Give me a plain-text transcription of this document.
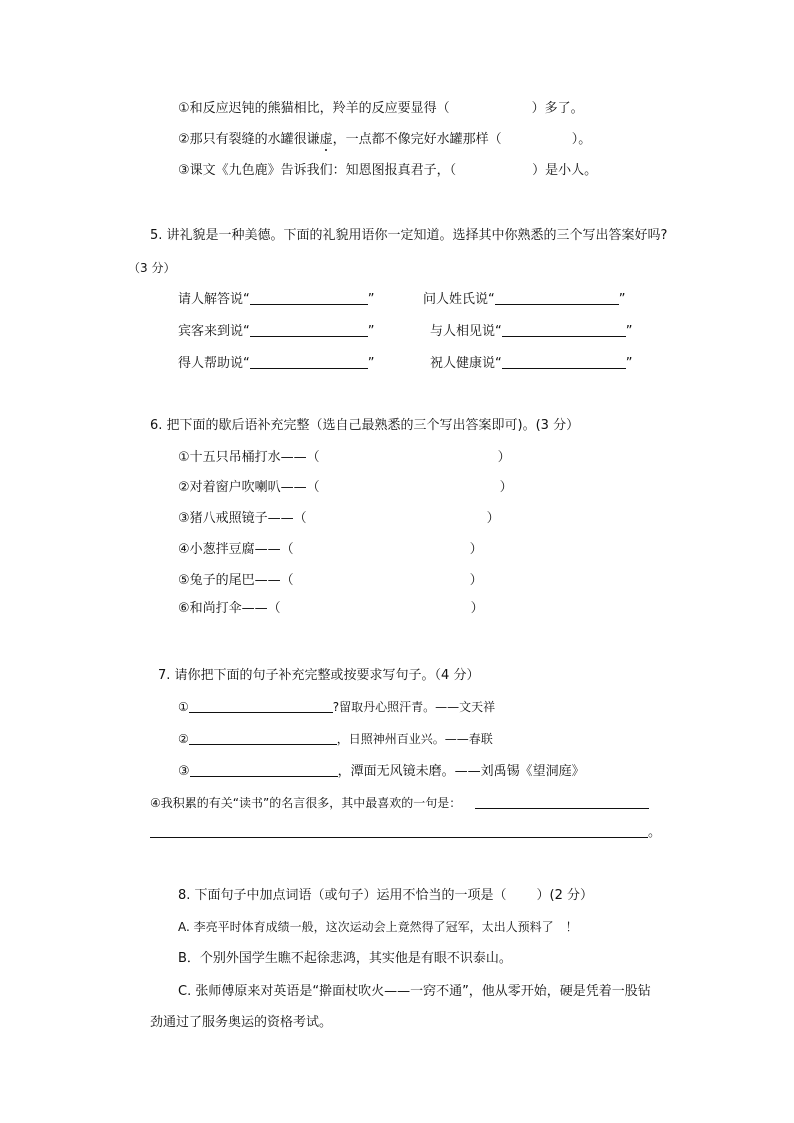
①和反应迟钝的熊猫相比，羚羊的反应要显得（	）多了。
②那只有裂缝的水罐很谦虚，一点都不像完好水罐那样（	）。
③课文《九色鹿》告诉我们：知恩图报真君子，（	）是小人。
5. 讲礼貌是一种美德。下面的礼貌用语你一定知道。选择其中你熟悉的三个写出答案好吗?
（3 分）
请人解答说“	”	问人姓氏说“	”
宾客来到说“	”	与人相见说“	”
得人帮助说“	”	祝人健康说“	”
6. 把下面的歇后语补充完整（选自己最熟悉的三个写出答案即可)。(3 分）
①十五只吊桶打水——（	）
②对着窗户吹喇叭——（	）
③猪八戒照镜子——（	）
④小葱拌豆腐——（	）
⑤兔子的尾巴——（	）
⑥和尚打伞——（	）
7. 请你把下面的句子补充完整或按要求写句子。（4 分）
①	?留取丹心照汗青。——文天祥
②	，日照神州百业兴。——春联
③	，潭面无风镜未磨。——刘禹锡《望洞庭》
④我积累的有关“读书”的名言很多，其中最喜欢的一句是：
。
8. 下面句子中加点词语（或句子）运用不恰当的一项是（ ）(2 分）
A. 李亮平时体育成绩一般，这次运动会上竟然得了冠军，太出人预料了　！
B．个别外国学生瞧不起徐悲鸿，其实他是有眼不识泰山。
C. 张师傅原来对英语是“擀面杖吹火——一窍不通”，他从零开始，硬是凭着一股钻
劲通过了服务奥运的资格考试。
